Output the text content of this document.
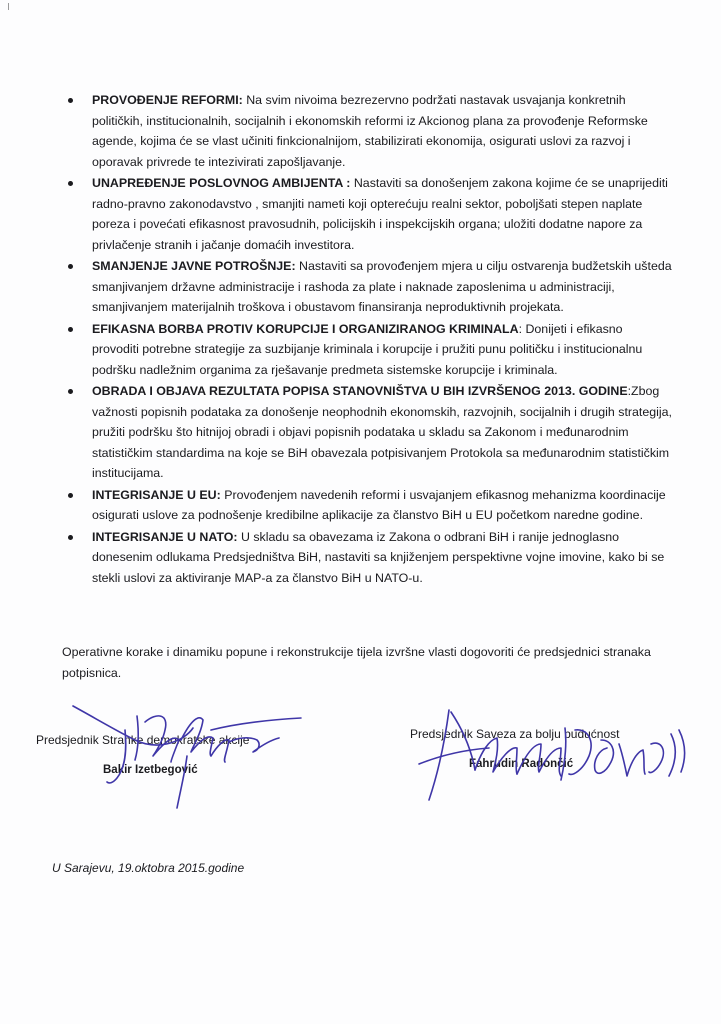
PROVOĐENJE REFORMI: Na svim nivoima bezrezervno podržati nastavak usvajanja konkretnih političkih, institucionalnih, socijalnih i ekonomskih reformi iz Akcionog plana za provođenje Reformske agende, kojima će se vlast učiniti finkcionalnijom, stabilizirati ekonomija, osigurati uslovi za razvoj i oporavak privrede te intezivirati zapošljavanje.
UNAPREĐENJE POSLOVNOG AMBIJENTA : Nastaviti sa donošenjem zakona kojime će se unaprijediti radno-pravno zakonodavstvo , smanjiti nameti koji opterećuju realni sektor, poboljšati stepen naplate poreza i povećati efikasnost pravosudnih, policijskih i inspekcijskih organa; uložiti dodatne napore za privlačenje stranih i jačanje domaćih investitora.
SMANJENJE JAVNE POTROŠNJE: Nastaviti sa provođenjem mjera u cilju ostvarenja budžetskih ušteda smanjivanjem državne administracije i rashoda za plate i naknade zaposlenima u administraciji, smanjivanjem materijalnih troškova i obustavom finansiranja neproduktivnih projekata.
EFIKASNA BORBA PROTIV KORUPCIJE I ORGANIZIRANOG KRIMINALA: Donijeti i efikasno provoditi potrebne strategije za suzbijanje kriminala i korupcije i pružiti punu političku i institucionalnu podršku nadležnim organima za rješavanje predmeta sistemske korupcije i kriminala.
OBRADA I OBJAVA REZULTATA POPISA STANOVNIŠTVA U BIH IZVRŠENOG 2013. GODINE:Zbog važnosti popisnih podataka za donošenje neophodnih ekonomskih, razvojnih, socijalnih i drugih strategija, pružiti podršku što hitnijoj obradi i objavi popisnih podataka u skladu sa Zakonom i međunarodnim statističkim standardima na koje se BiH obavezala potpisivanjem Protokola sa međunarodnim statističkim institucijama.
INTEGRISANJE U EU: Provođenjem navedenih reformi i usvajanjem efikasnog mehanizma koordinacije osigurati uslove za podnošenje kredibilne aplikacije za članstvo BiH u EU početkom naredne godine.
INTEGRISANJE U NATO: U skladu sa obavezama iz Zakona o odbrani BiH i ranije jednoglasno donesenim odlukama Predsjedništva BiH, nastaviti sa knjiženjem perspektivne vojne imovine, kako bi se stekli uslovi za aktiviranje MAP-a za članstvo BiH u NATO-u.

Operativne korake i dinamiku popune i rekonstrukcije tijela izvršne vlasti dogovoriti će predsjednici stranaka potpisnica.

Predsjednik Stranke demokratske akcije
Bakir Izetbegović
Predsjednik Saveza za bolju budućnost
Fahrudin Radončić
U Sarajevu, 19.oktobra 2015.godine
